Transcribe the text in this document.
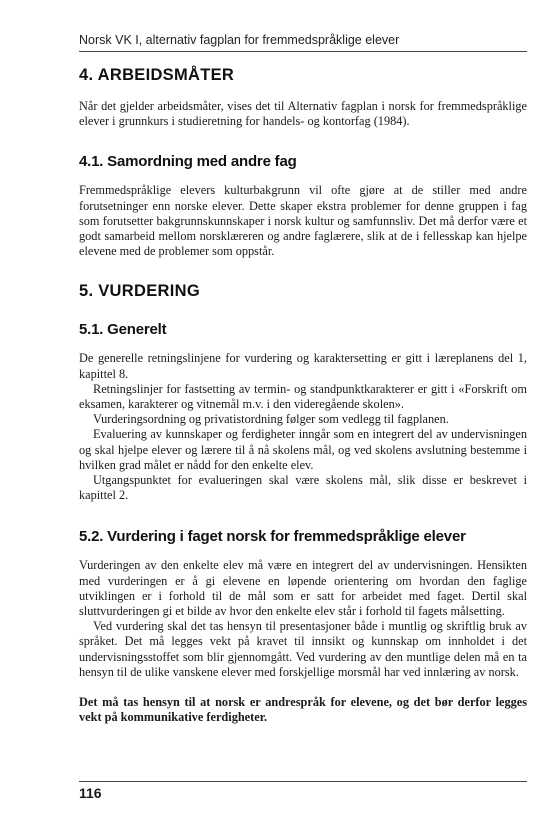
Norsk VK I, alternativ fagplan for fremmedspråklige elever
4. ARBEIDSMÅTER

Når det gjelder arbeidsmåter, vises det til Alternativ fagplan i norsk for fremmedspråklige elever i grunnkurs i studieretning for handels- og kontorfag (1984).

4.1. Samordning med andre fag

Fremmedspråklige elevers kulturbakgrunn vil ofte gjøre at de stiller med andre forutsetninger enn norske elever. Dette skaper ekstra problemer for denne gruppen i fag som forutsetter bakgrunnskunnskaper i norsk kultur og samfunnsliv. Det må derfor være et godt samarbeid mellom norsklæreren og andre faglærere, slik at de i fellesskap kan hjelpe elevene med de problemer som oppstår.

5. VURDERING
5.1. Generelt

De generelle retningslinjene for vurdering og karaktersetting er gitt i læreplanens del 1, kapittel 8.

Retningslinjer for fastsetting av termin- og standpunktkarakterer er gitt i «Forskrift om eksamen, karakterer og vitnemål m.v. i den videregående skolen».

Vurderingsordning og privatistordning følger som vedlegg til fagplanen.

Evaluering av kunnskaper og ferdigheter inngår som en integrert del av undervisningen og skal hjelpe elever og lærere til å nå skolens mål, og ved skolens avslutning bestemme i hvilken grad målet er nådd for den enkelte elev.

Utgangspunktet for evalueringen skal være skolens mål, slik disse er beskrevet i kapittel 2.

5.2. Vurdering i faget norsk for fremmedspråklige elever

Vurderingen av den enkelte elev må være en integrert del av undervisningen. Hensikten med vurderingen er å gi elevene en løpende orientering om hvordan den faglige utviklingen er i forhold til de mål som er satt for arbeidet med faget. Dertil skal sluttvurderingen gi et bilde av hvor den enkelte elev står i forhold til fagets målsetting.

Ved vurdering skal det tas hensyn til presentasjoner både i muntlig og skriftlig bruk av språket. Det må legges vekt på kravet til innsikt og kunnskap om innholdet i det undervisningsstoffet som blir gjennomgått. Ved vurdering av den muntlige delen må en ta hensyn til de ulike vanskene elever med forskjellige morsmål har ved innlæring av norsk.

Det må tas hensyn til at norsk er andrespråk for elevene, og det bør derfor legges vekt på kommunikative ferdigheter.

116
